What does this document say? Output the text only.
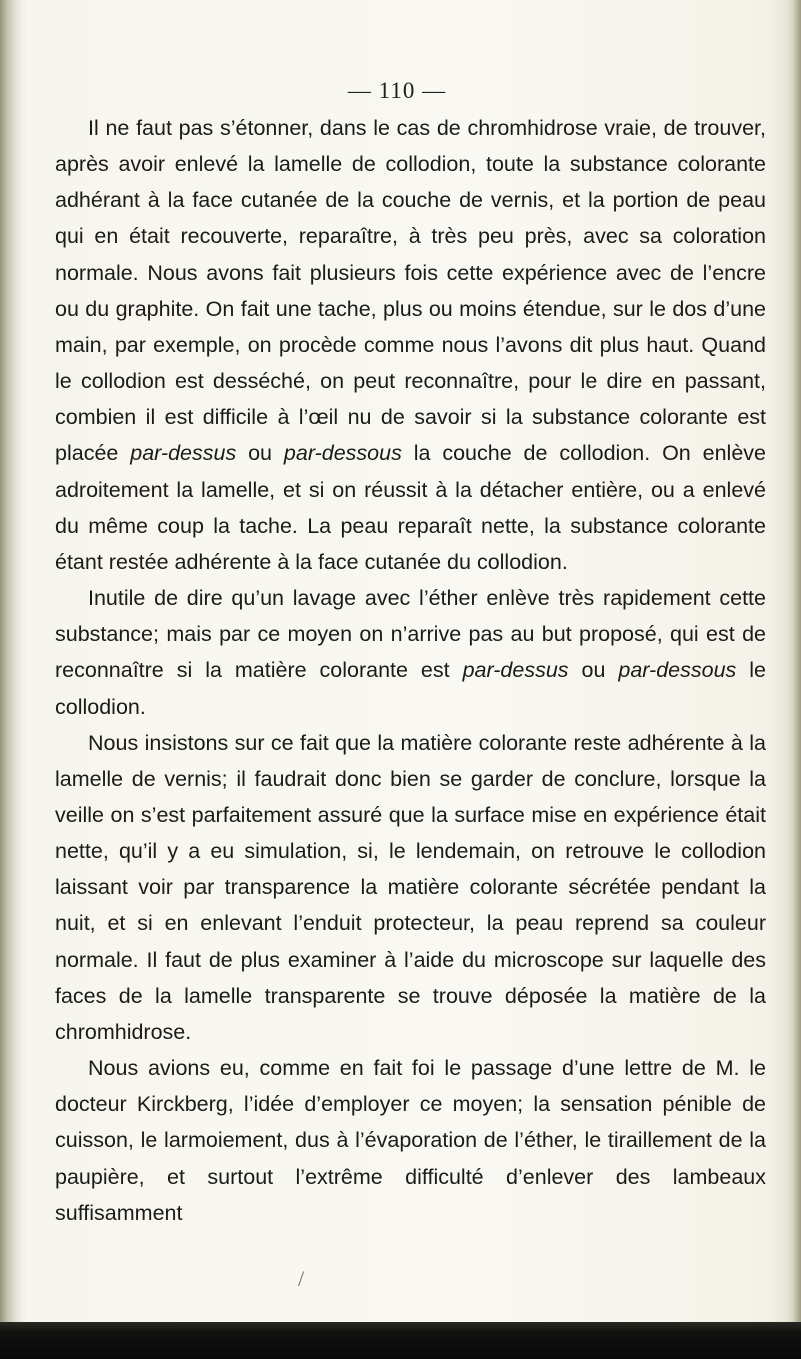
— 110 —

Il ne faut pas s’étonner, dans le cas de chromhidrose vraie, de trouver, après avoir enlevé la lamelle de collodion, toute la substance colorante adhérant à la face cutanée de la couche de vernis, et la portion de peau qui en était recouverte, reparaître, à très peu près, avec sa coloration normale. Nous avons fait plusieurs fois cette expérience avec de l’encre ou du graphite. On fait une tache, plus ou moins étendue, sur le dos d’une main, par exemple, on procède comme nous l’avons dit plus haut. Quand le collodion est desséché, on peut reconnaître, pour le dire en passant, combien il est difficile à l’œil nu de savoir si la substance colorante est placée par-dessus ou par-dessous la couche de collodion. On enlève adroitement la lamelle, et si on réussit à la détacher entière, ou a enlevé du même coup la tache. La peau reparaît nette, la substance colorante étant restée adhérente à la face cutanée du collodion.

Inutile de dire qu’un lavage avec l’éther enlève très rapidement cette substance; mais par ce moyen on n’arrive pas au but proposé, qui est de reconnaître si la matière colorante est par-dessus ou par-dessous le collodion.

Nous insistons sur ce fait que la matière colorante reste adhérente à la lamelle de vernis; il faudrait donc bien se garder de conclure, lorsque la veille on s’est parfaitement assuré que la surface mise en expérience était nette, qu’il y a eu simulation, si, le lendemain, on retrouve le collodion laissant voir par transparence la matière colorante sécrétée pendant la nuit, et si en enlevant l’enduit protecteur, la peau reprend sa couleur normale. Il faut de plus examiner à l’aide du microscope sur laquelle des faces de la lamelle transparente se trouve déposée la matière de la chromhidrose.

Nous avions eu, comme en fait foi le passage d’une lettre de M. le docteur Kirckberg, l’idée d’employer ce moyen; la sensation pénible de cuisson, le larmoiement, dus à l’évaporation de l’éther, le tiraillement de la paupière, et surtout l’extrême difficulté d’enlever des lambeaux suffisamment

/
